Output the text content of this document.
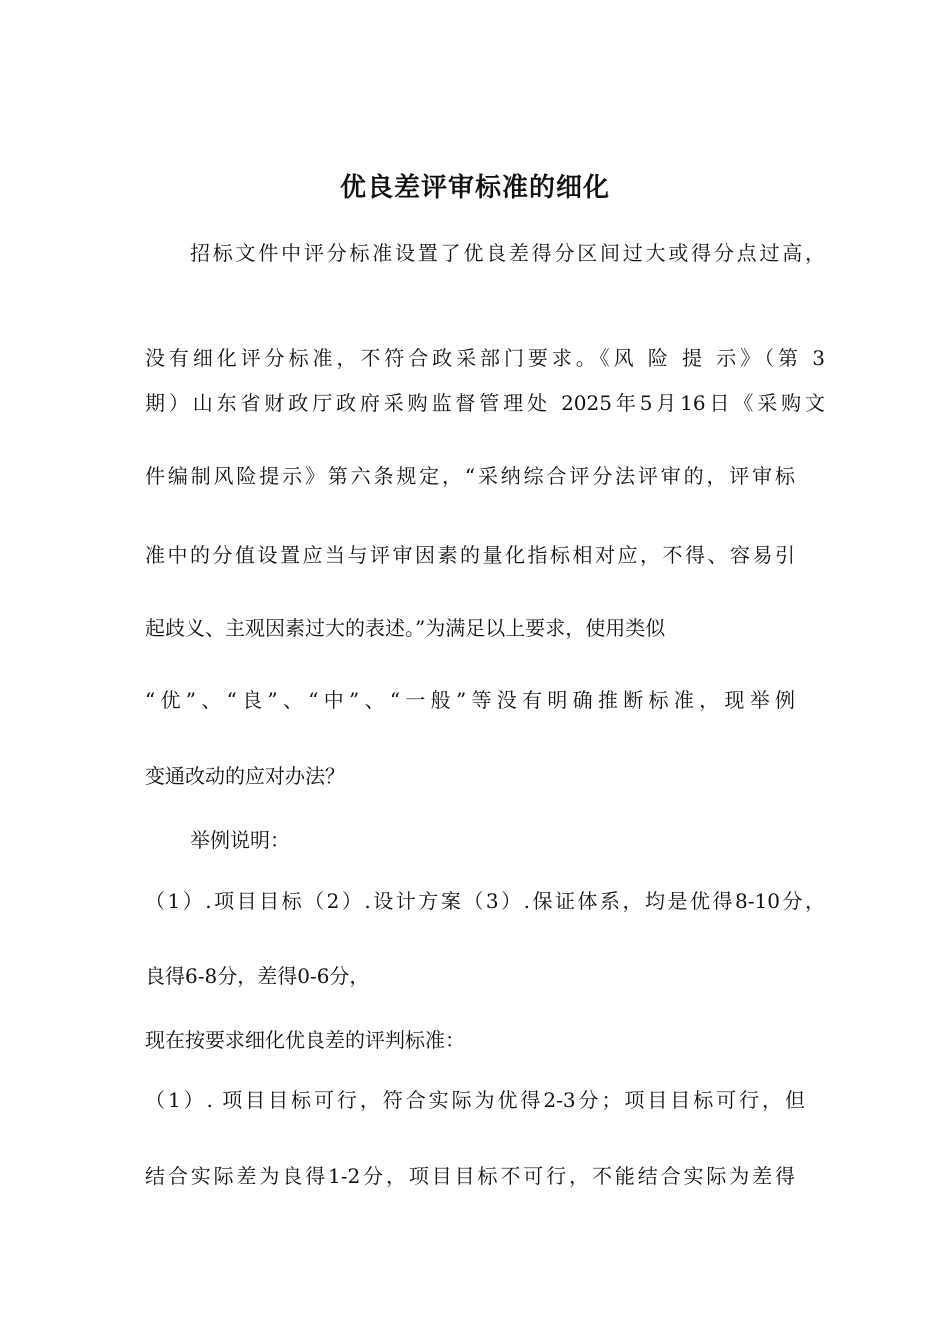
优良差评审标准的细化

招标文件中评分标准设置了优良差得分区间过大或得分点过高，

没有细化评分标准，不符合政采部门要求。《风 险 提 示》（第 3

期）山东省财政厅政府采购监督管理处 2025年5月16日《采购文

件编制风险提示》第六条规定，“采纳综合评分法评审的，评审标

准中的分值设置应当与评审因素的量化指标相对应，不得、容易引

起歧义、主观因素过大的表述。”为满足以上要求，使用类似

“优”、“良”、“中”、“一般”等没有明确推断标准，现举例

变通改动的应对办法？

举例说明：

（1）.项目目标（2）.设计方案（3）.保证体系，均是优得8-10分，

良得6-8分，差得0-6分，

现在按要求细化优良差的评判标准：

（1）. 项目目标可行，符合实际为优得2-3分；项目目标可行，但

结合实际差为良得1-2分，项目目标不可行，不能结合实际为差得
